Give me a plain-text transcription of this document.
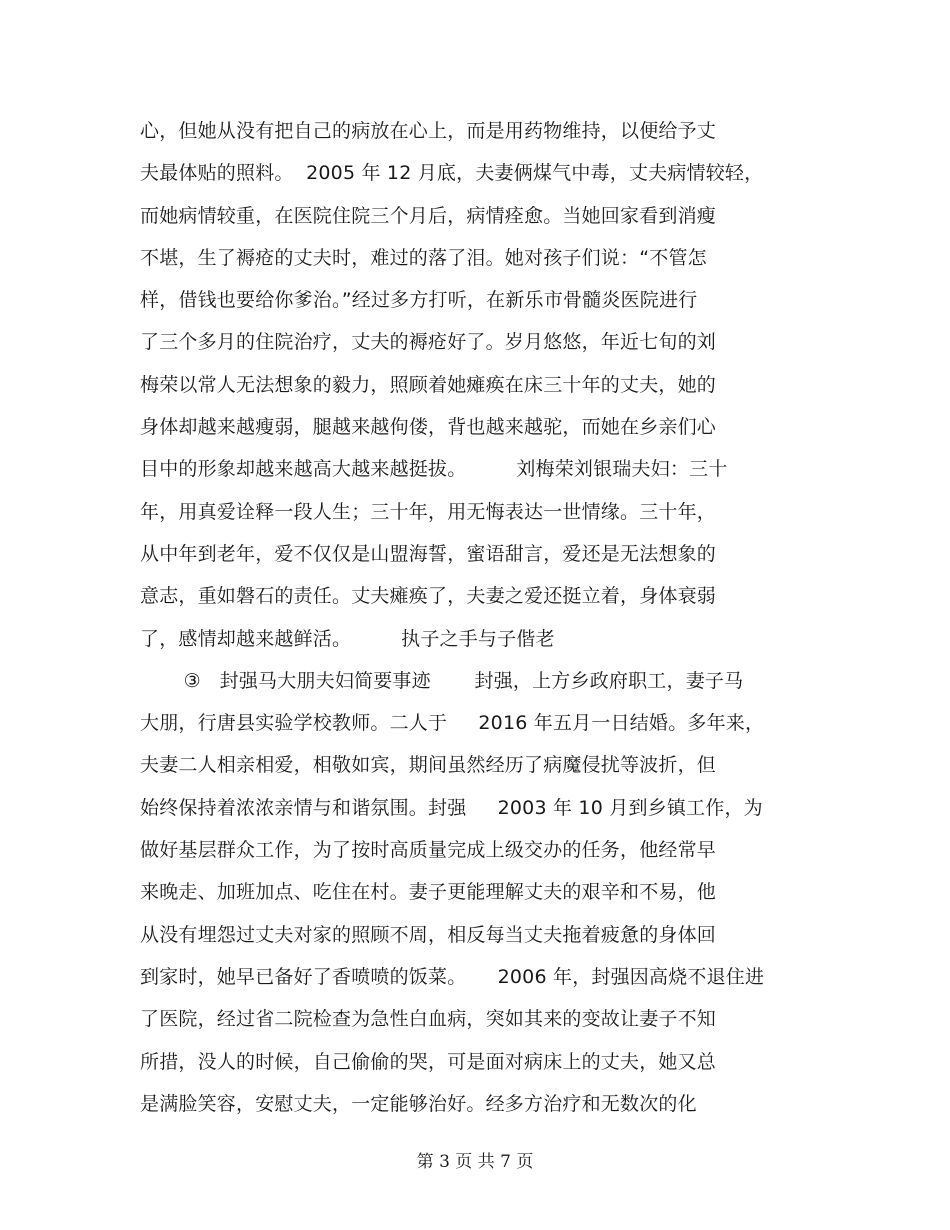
心，但她从没有把自己的病放在心上，而是用药物维持，以便给予丈
夫最体贴的照料。  2005 年 12 月底，夫妻俩煤气中毒，丈夫病情较轻，
而她病情较重，在医院住院三个月后，病情痊愈。当她回家看到消瘦
不堪，生了褥疮的丈夫时，难过的落了泪。她对孩子们说：“不管怎
样，借钱也要给你爹治。”经过多方打听，在新乐市骨髓炎医院进行
了三个多月的住院治疗，丈夫的褥疮好了。岁月悠悠，年近七旬的刘
梅荣以常人无法想象的毅力，照顾着她瘫痪在床三十年的丈夫，她的
身体却越来越瘦弱，腿越来越佝偻，背也越来越驼，而她在乡亲们心
目中的形象却越来越高大越来越挺拔。        刘梅荣刘银瑞夫妇：三十
年，用真爱诠释一段人生；三十年，用无悔表达一世情缘。三十年，
从中年到老年，爱不仅仅是山盟海誓，蜜语甜言，爱还是无法想象的
意志，重如磐石的责任。丈夫瘫痪了，夫妻之爱还挺立着，身体衰弱
了，感情却越来越鲜活。        执子之手与子偕老
③   封强马大朋夫妇简要事迹       封强，上方乡政府职工，妻子马
大朋，行唐县实验学校教师。二人于     2016 年五月一日结婚。多年来，
夫妻二人相亲相爱，相敬如宾，期间虽然经历了病魔侵扰等波折，但
始终保持着浓浓亲情与和谐氛围。封强     2003 年 10 月到乡镇工作，为
做好基层群众工作，为了按时高质量完成上级交办的任务，他经常早
来晚走、加班加点、吃住在村。妻子更能理解丈夫的艰辛和不易，他
从没有埋怨过丈夫对家的照顾不周，相反每当丈夫拖着疲惫的身体回
到家时，她早已备好了香喷喷的饭菜。     2006 年，封强因高烧不退住进
了医院，经过省二院检查为急性白血病，突如其来的变故让妻子不知
所措，没人的时候，自己偷偷的哭，可是面对病床上的丈夫，她又总
是满脸笑容，安慰丈夫，一定能够治好。经多方治疗和无数次的化
第 3 页 共 7 页
